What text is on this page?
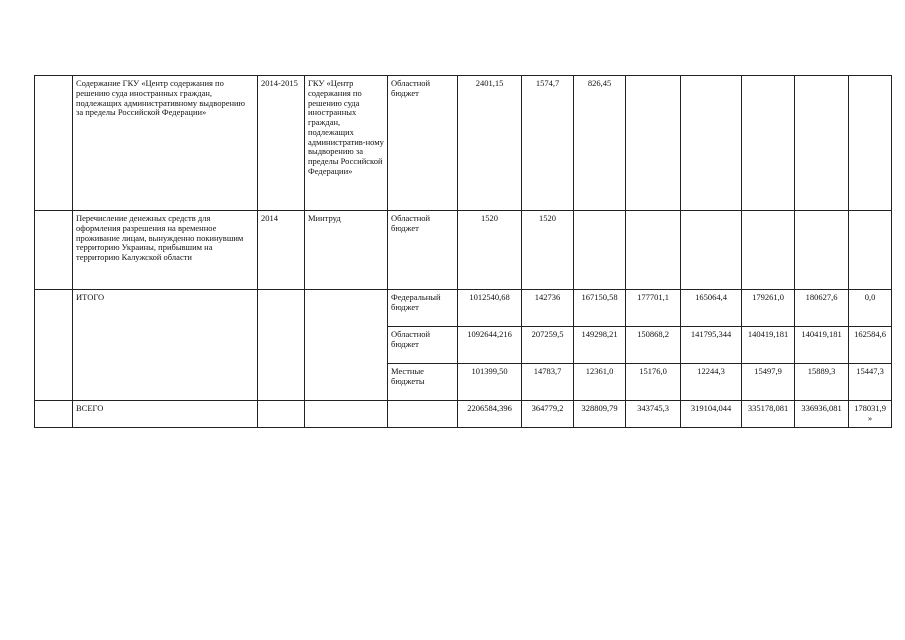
	Содержание ГКУ «Центр содержания по решению суда иностранных граждан, подлежащих административному выдворению за пределы Российской Федерации»	2014-2015	ГКУ «Центр содержания по решению суда иностранных граждан, подлежащих административ-ному выдворению за пределы Российской Федерации»	Областной бюджет	2401,15	1574,7	826,45					
	Перечисление денежных средств для оформления разрешения на временное проживание лицам, вынужденно покинувшим территорию Украины, прибывшим на территорию Калужской области	2014	Минтруд	Областной бюджет	1520	1520						
	ИТОГО			Федеральный бюджет	1012540,68	142736	167150,58	177701,1	165064,4	179261,0	180627,6	0,0
				Областной бюджет	1092644,216	207259,5	149298,21	150868,2	141795,344	140419,181	140419,181	162584,6
				Местные бюджеты	101399,50	14783,7	12361,0	15176,0	12244,3	15497,9	15889,3	15447,3
	ВСЕГО				2206584,396	364779,2	328809,79	343745,3	319104,044	335178,081	336936,081	178031,9»
